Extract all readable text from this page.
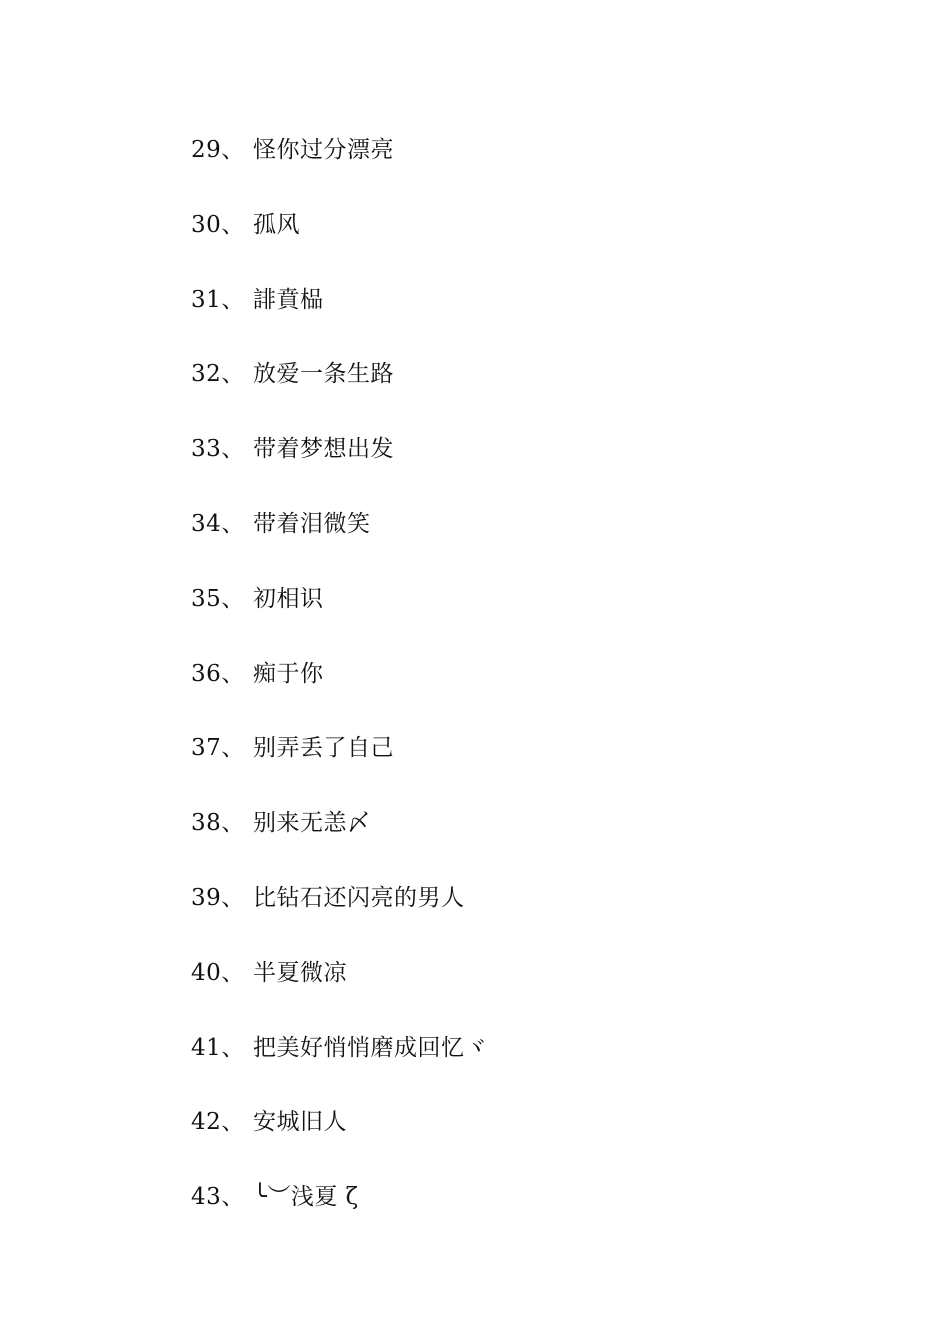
29、 怪你过分漂亮
30、 孤风
31、 誹賁榀
32、 放爱一条生路
33、 带着梦想出发
34、 带着泪微笑
35、 初相识
36、 痴于你
37、 别弄丢了自己
38、 别来无恙〆
39、 比钻石还闪亮的男人
40、 半夏微凉
41、 把美好悄悄磨成回忆ヾ
42、 安城旧人
43、 ╰︶浅夏 ζ
